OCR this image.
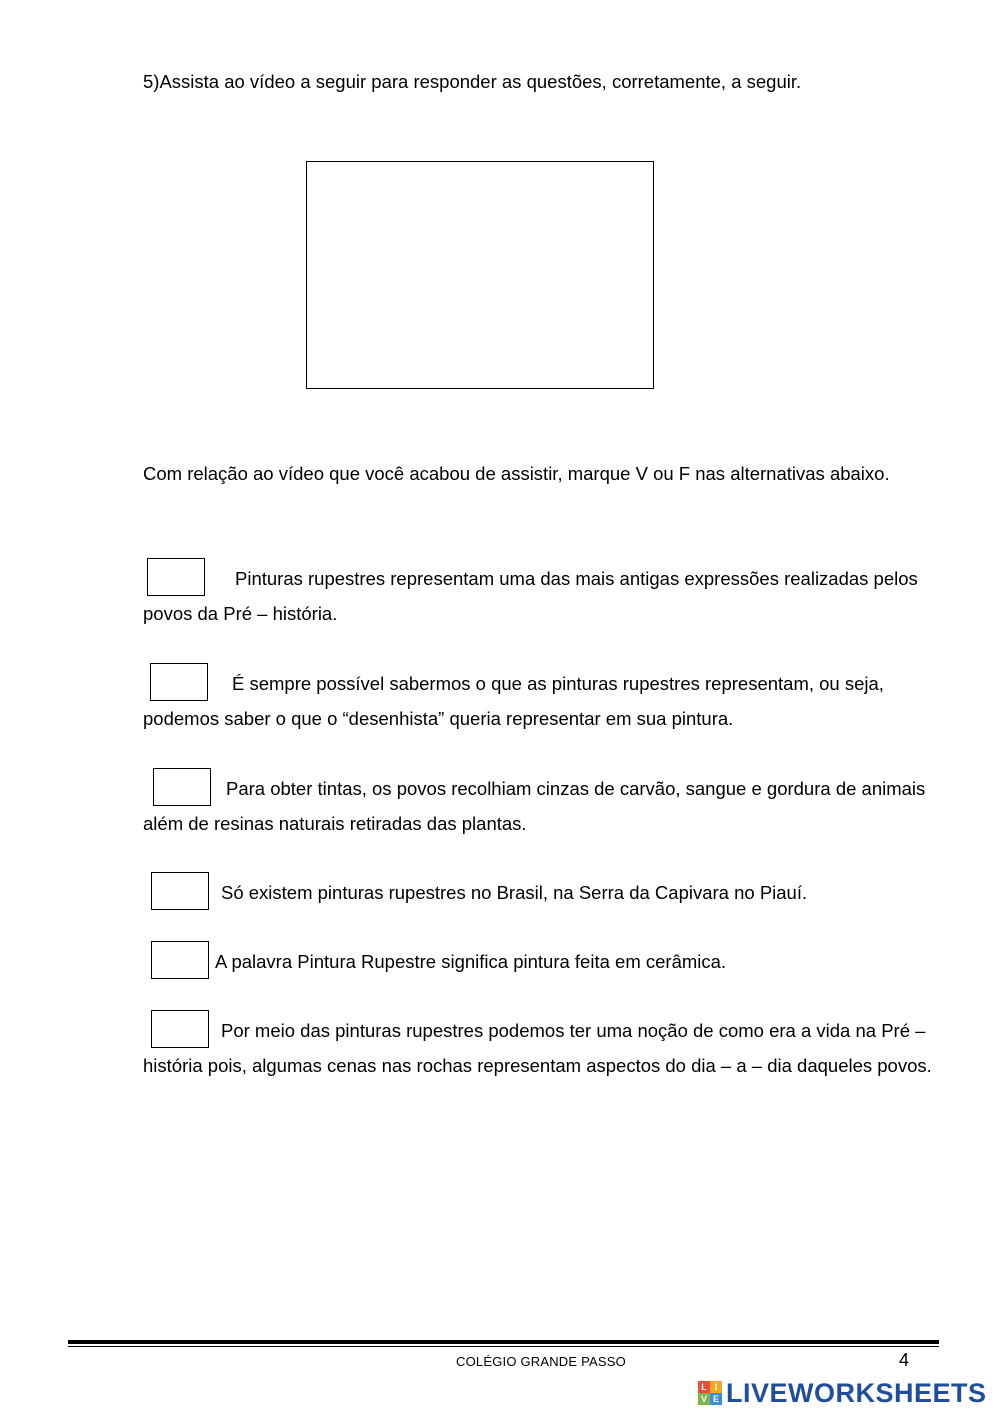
5)Assista ao vídeo a seguir para responder as questões, corretamente, a seguir.
Com relação ao vídeo que você acabou de assistir, marque V ou F nas alternativas abaixo.
Pinturas rupestres representam uma das mais antigas expressões realizadas pelos povos da Pré – história.
É sempre possível sabermos o que as pinturas rupestres representam, ou seja, podemos saber o que o “desenhista” queria representar em sua pintura.
Para obter tintas, os povos recolhiam cinzas de carvão, sangue e gordura de animais além de resinas naturais retiradas das plantas.
Só existem pinturas rupestres no Brasil, na Serra da Capivara no Piauí.
A palavra Pintura Rupestre significa pintura feita em cerâmica.
Por meio das pinturas rupestres podemos ter uma noção de como era a vida na Pré – história pois, algumas cenas nas rochas representam aspectos do dia – a – dia daqueles povos.
COLÉGIO GRANDE PASSO	4
L I
V E LIVEWORKSHEETS
